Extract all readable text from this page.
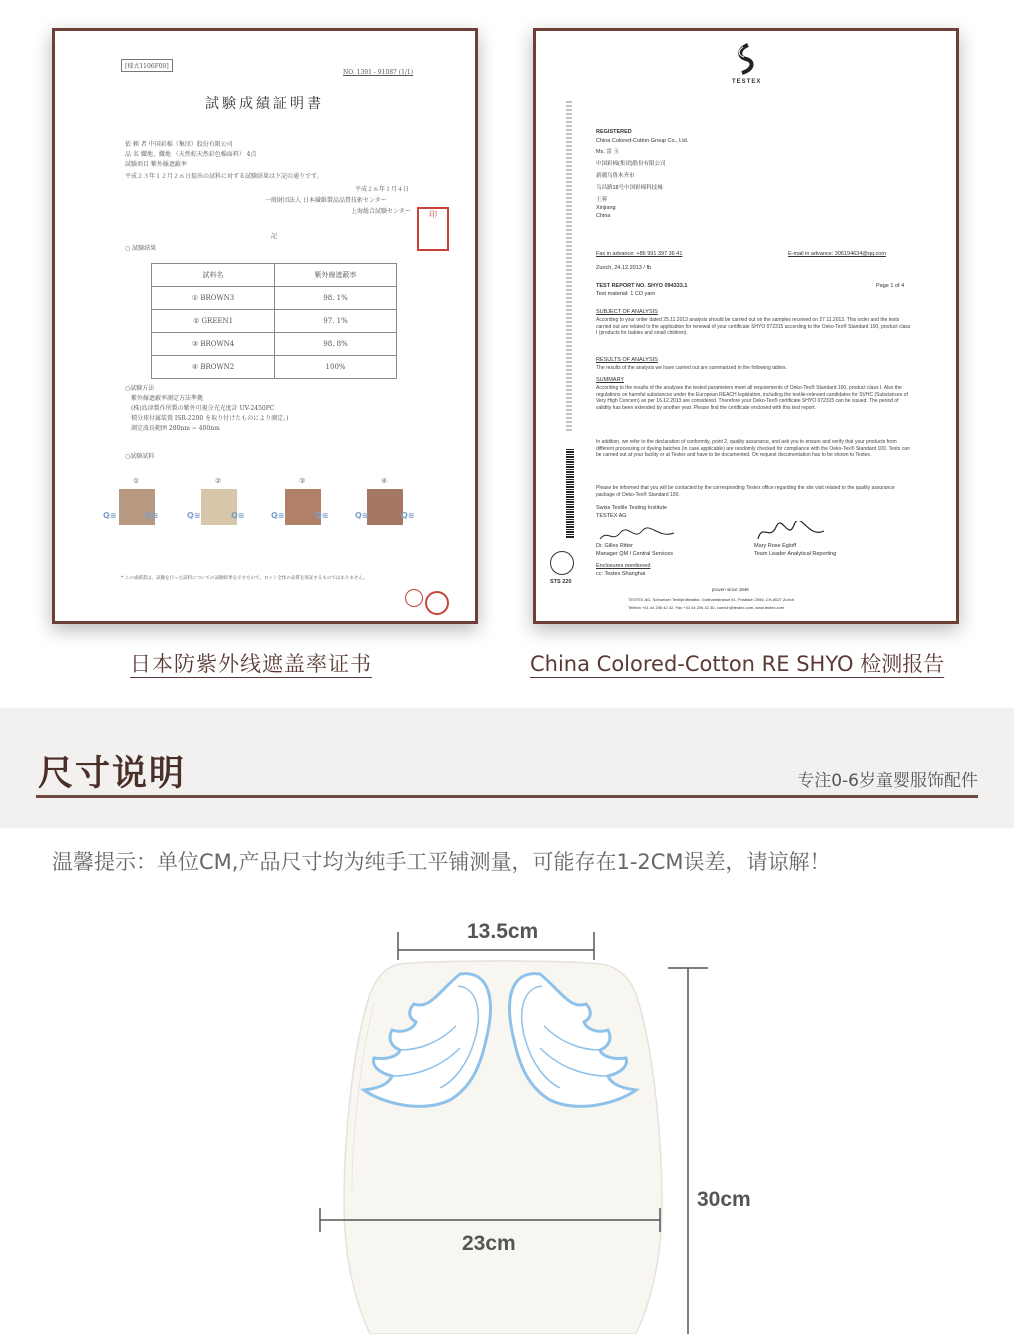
[様式1106F00]
NO. 1391 - 91087 (1/1)
試験成績証明書
依 頼 者 中国彩棉（集団）股份有限公司
品 名 織地、織地 （天然棕天然彩色棉面料） 4点
試験項目 紫外線遮蔽率
平成２３年１２月２６日提出の試料に対する試験結果は下記の通りです。
平成２６年１月４日
一般財団法人 日本繊維製品品質技術センター
上海総合試験センター
記
○ 試験結果
印
試料名	紫外線遮蔽率
① BROWN3	98. 1%
② GREEN1	97. 1%
③ BROWN4	98. 8%
④ BROWN2	100%
○試験方法
紫外線遮蔽率測定方法準拠
(株)島津製作所製の紫外可視分光光度計 UV-2450PC
積分球付属装置 ISR-2200 を取り付けたものにより測定。)
測定波長範囲 280nm ~ 400nm
○試験試料
①	②	③	④
Q≋	Q≋	Q≋	Q≋	Q≋	Q≋	Q≋	Q≋
* この成績書は、試験を行った試料についての試験結果を示すもので、ロット全体の品質を保証するものではありません。
TESTEX
REGISTERED
China Colored-Cotton Group Co., Ltd.
Ms. 雷 玉
中国彩棉(集团)股份有限公司
新疆乌鲁木齐市
乌昌路18号中国彩棉科技城
王蓉
Xinjiang
China
Fax in advance: +86 991 397 36 41	E-mail in advance: 306194634@qq.com
Zurich, 24.12.2013 / fb
TEST REPORT NO. SHYO 094333.1	Page 1 of 4
Test material: 1 CO yarn
SUBJECT OF ANALYSIS
According to your order dated 25.11.2013 analysis should be carried out on the samples received on 27.11.2013. This order and the tests carried out are related to the application for renewal of your certificate SHYO 072315 according to the Oeko-Tex® Standard 100, product class I (products for babies and small children).
RESULTS OF ANALYSIS
The results of the analysis we have carried out are summarized in the following tables.
SUMMARY
According to the results of the analyses the tested parameters meet all requirements of Oeko-Tex® Standard 100, product class I. Also the regulations on harmful substances under the European REACH legislation, including the textile-relevant candidates for SVHC (Substances of Very High Concern) as per 16.12.2013 are considered. Therefore your Oeko-Tex® certificate SHYO 072315 can be issued. The period of validity has been extended by another year. Please find the certificate enclosed with this test report.
In addition, we refer to the declaration of conformity, point 2, quality assurance, and ask you to ensure and verify that your products from different processing or dyeing batches (in case applicable) are randomly checked for compliance with the Oeko-Tex® Standard 100. Tests can be carried out at your facility or at Testex and have to be documented. On request documentation has to be shown to Testex.
Please be informed that you will be contacted by the corresponding Testex office regarding the site visit related to the quality assurance package of Oeko-Tex® Standard 100.
Swiss Textile Testing Institute
TESTEX AG
Dr. Gilles Ritter
Manager QM / Central Services
Mary Rose Egloff
Team Leader Analytical Reporting
Enclosures mentioned
cc: Testex Shanghai
STS 220
proven since 1846
TESTEX AG, Schweizer Textilprüfinstitut, Gotthardstrasse 61, Postfach 2556, CH-8027 Zurich
Telefon +41 44 206 42 42, Fax +41 44 206 42 30, zuerich@testex.com, www.testex.com
日本防紫外线遮盖率证书	China Colored-Cotton RE SHYO 检测报告
尺寸说明	专注0-6岁童婴服饰配件
温馨提示：单位CM,产品尺寸均为纯手工平铺测量，可能存在1-2CM误差，请谅解！
13.5cm
23cm
30cm
